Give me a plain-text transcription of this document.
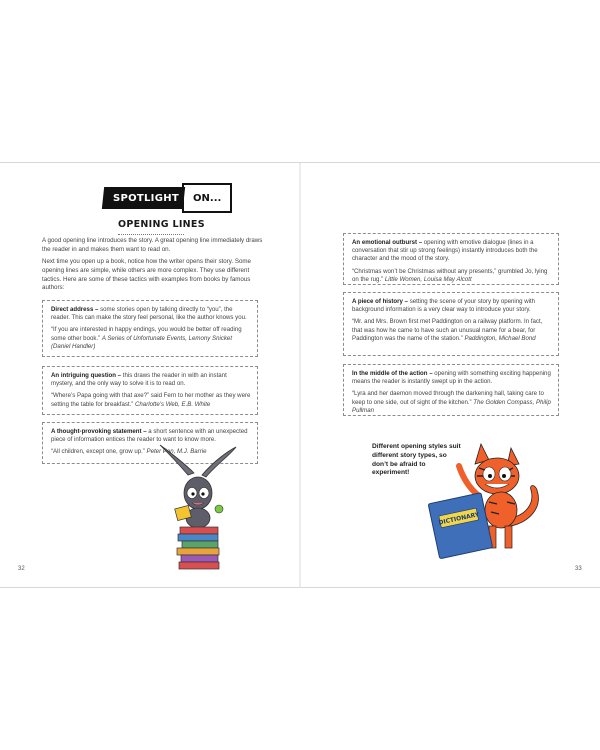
SPOTLIGHT	ON...
OPENING LINES
A good opening line introduces the story. A great opening line immediately draws the reader in and makes them want to read on.
Next time you open up a book, notice how the writer opens their story. Some opening lines are simple, while others are more complex. They use different tactics. Here are some of these tactics with examples from books by famous authors:

Direct address – some stories open by talking directly to “you”, the reader. This can make the story feel personal, like the author knows you.

“If you are interested in happy endings, you would be better off reading some other book.” A Series of Unfortunate Events, Lemony Snicket (Daniel Handler)

An intriguing question – this draws the reader in with an instant mystery, and the only way to solve it is to read on.

“Where’s Papa going with that axe?” said Fern to her mother as they were setting the table for breakfast.” Charlotte’s Web, E.B. White

A thought-provoking statement – a short sentence with an unexpected piece of information entices the reader to want to know more.

“All children, except one, grow up.” Peter Pan, M.J. Barrie

32

An emotional outburst – opening with emotive dialogue (lines in a conversation that stir up strong feelings) instantly introduces both the character and the mood of the story.

“Christmas won’t be Christmas without any presents,” grumbled Jo, lying on the rug.” Little Women, Louisa May Alcott

A piece of history – setting the scene of your story by opening with background information is a very clear way to introduce your story.

“Mr. and Mrs. Brown first met Paddington on a railway platform. In fact, that was how he came to have such an unusual name for a bear, for Paddington was the name of the station.” Paddington, Michael Bond

In the middle of the action – opening with something exciting happening means the reader is instantly swept up in the action.

“Lyra and her daemon moved through the darkening hall, taking care to keep to one side, out of sight of the kitchen.” The Golden Compass, Philip Pullman

Different opening styles suit different story types, so don’t be afraid to experiment!
DICTIONARY
33
